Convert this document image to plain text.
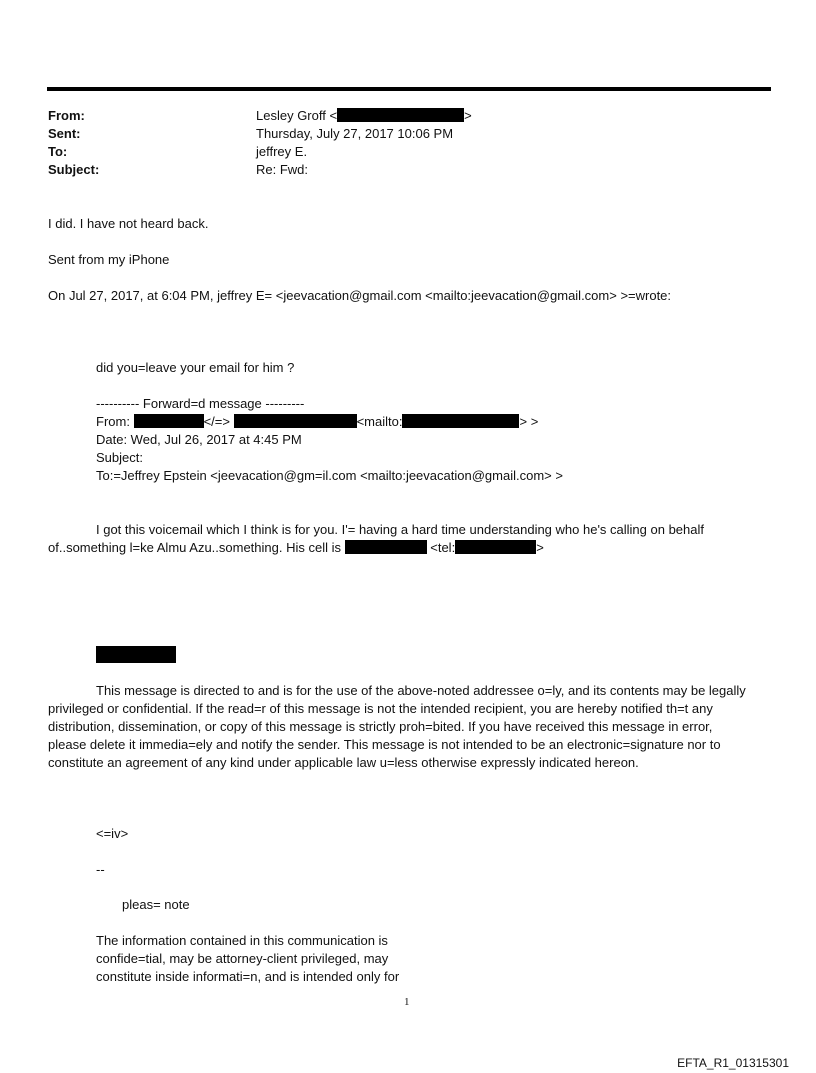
From:	Lesley Groff <	>
Sent:	Thursday, July 27, 2017 10:06 PM
To:	jeffrey E.
Subject:	Re: Fwd:
I did. I have not heard back.
Sent from my iPhone
On Jul 27, 2017, at 6:04 PM, jeffrey E= <jeevacation@gmail.com <mailto:jeevacation@gmail.com> >=wrote:
did you=leave your email for him ?
---------- Forward=d message ---------
From:	</=>	<mailto:	> >
Date: Wed, Jul 26, 2017 at 4:45 PM
Subject:
To:=Jeffrey Epstein <jeevacation@gm=il.com <mailto:jeevacation@gmail.com> >
I got this voicemail which I think is for you. I'= having a hard time understanding who he's calling on behalf
of..something l=ke Almu Azu..something. His cell is	<tel:	>
This message is directed to and is for the use of the above-noted addressee o=ly, and its contents may be legally
privileged or confidential. If the read=r of this message is not the intended recipient, you are hereby notified th=t any
distribution, dissemination, or copy of this message is strictly proh=bited. If you have received this message in error,
please delete it immedia=ely and notify the sender. This message is not intended to be an electronic=signature nor to
constitute an agreement of any kind under applicable law u=less otherwise expressly indicated hereon.
<=iv>
--
pleas= note
The information contained in this communication is
confide=tial, may be attorney-client privileged, may
constitute inside informati=n, and is intended only for
1
EFTA_R1_01315301
